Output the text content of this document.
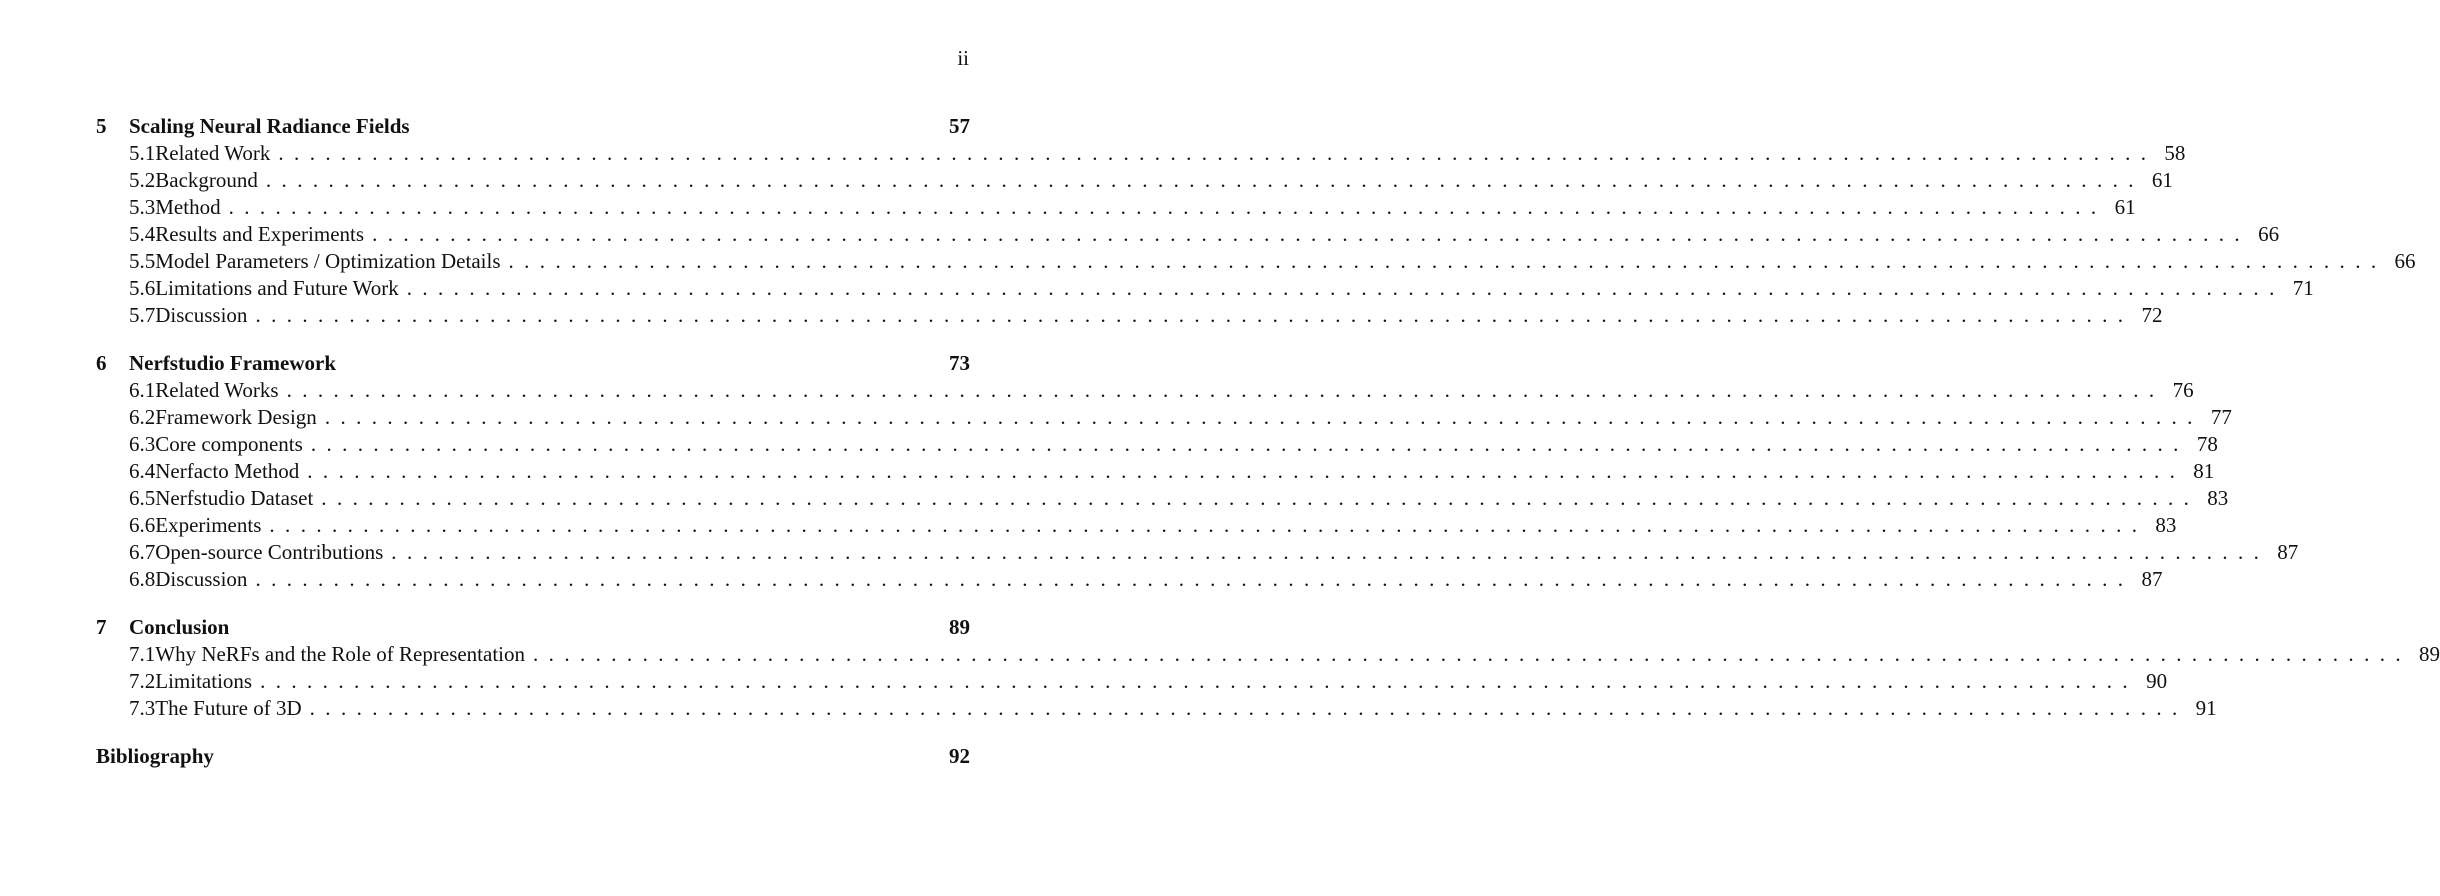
ii
5	Scaling Neural Radiance Fields	57
5.1 Related Work ........................................................................................................................ 58
5.2 Background ........................................................................................................................ 61
5.3 Method ........................................................................................................................ 61
5.4 Results and Experiments ........................................................................................................................ 66
5.5 Model Parameters / Optimization Details ........................................................................................................................ 66
5.6 Limitations and Future Work ........................................................................................................................ 71
5.7 Discussion ........................................................................................................................ 72
6	Nerfstudio Framework	73
6.1 Related Works ........................................................................................................................ 76
6.2 Framework Design ........................................................................................................................ 77
6.3 Core components ........................................................................................................................ 78
6.4 Nerfacto Method ........................................................................................................................ 81
6.5 Nerfstudio Dataset ........................................................................................................................ 83
6.6 Experiments ........................................................................................................................ 83
6.7 Open-source Contributions ........................................................................................................................ 87
6.8 Discussion ........................................................................................................................ 87
7	Conclusion	89
7.1 Why NeRFs and the Role of Representation ........................................................................................................................ 89
7.2 Limitations ........................................................................................................................ 90
7.3 The Future of 3D ........................................................................................................................ 91
Bibliography	92
